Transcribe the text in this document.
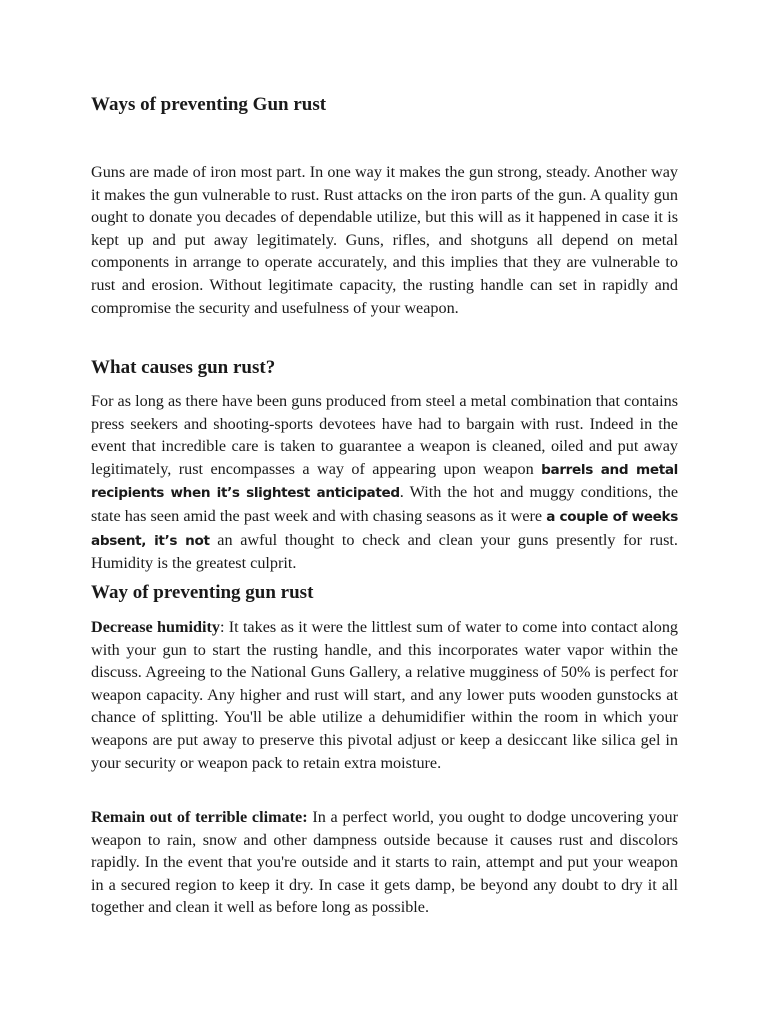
Ways of preventing Gun rust

Guns are made of iron most part. In one way it makes the gun strong, steady. Another way it makes the gun vulnerable to rust. Rust attacks on the iron parts of the gun. A quality gun ought to donate you decades of dependable utilize, but this will as it happened in case it is kept up and put away legitimately. Guns, rifles, and shotguns all depend on metal components in arrange to operate accurately, and this implies that they are vulnerable to rust and erosion. Without legitimate capacity, the rusting handle can set in rapidly and compromise the security and usefulness of your weapon.

What causes gun rust?

For as long as there have been guns produced from steel a metal combination that contains press seekers and shooting-sports devotees have had to bargain with rust. Indeed in the event that incredible care is taken to guarantee a weapon is cleaned, oiled and put away legitimately, rust encompasses a way of appearing upon weapon barrels and metal recipients when it’s slightest anticipated. With the hot and muggy conditions, the state has seen amid the past week and with chasing seasons as it were a couple of weeks absent, it’s not an awful thought to check and clean your guns presently for rust. Humidity is the greatest culprit.

Way of preventing gun rust

Decrease humidity: It takes as it were the littlest sum of water to come into contact along with your gun to start the rusting handle, and this incorporates water vapor within the discuss. Agreeing to the National Guns Gallery, a relative mugginess of 50% is perfect for weapon capacity. Any higher and rust will start, and any lower puts wooden gunstocks at chance of splitting. You'll be able utilize a dehumidifier within the room in which your weapons are put away to preserve this pivotal adjust or keep a desiccant like silica gel in your security or weapon pack to retain extra moisture.

Remain out of terrible climate: In a perfect world, you ought to dodge uncovering your weapon to rain, snow and other dampness outside because it causes rust and discolors rapidly. In the event that you're outside and it starts to rain, attempt and put your weapon in a secured region to keep it dry. In case it gets damp, be beyond any doubt to dry it all together and clean it well as before long as possible.
